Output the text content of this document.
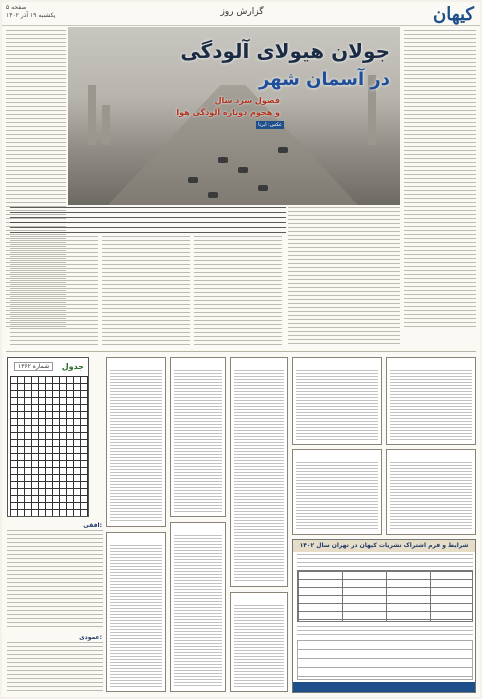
کیهان
گزارش روز
صفحه ۵
یکشنبه ۱۹ آذر ۱۴۰۲
جولان هیولای آلودگی
در آسمان شهر
فصول سرد سال
و هجوم دوباره آلودگی هوا
عکس: ایرنا
جدول
شماره ۱۳۶۲
افقی:
عمودی:
شرایط و فرم اشتراک نشریات کیهان در تهران سال ۱۴۰۲
